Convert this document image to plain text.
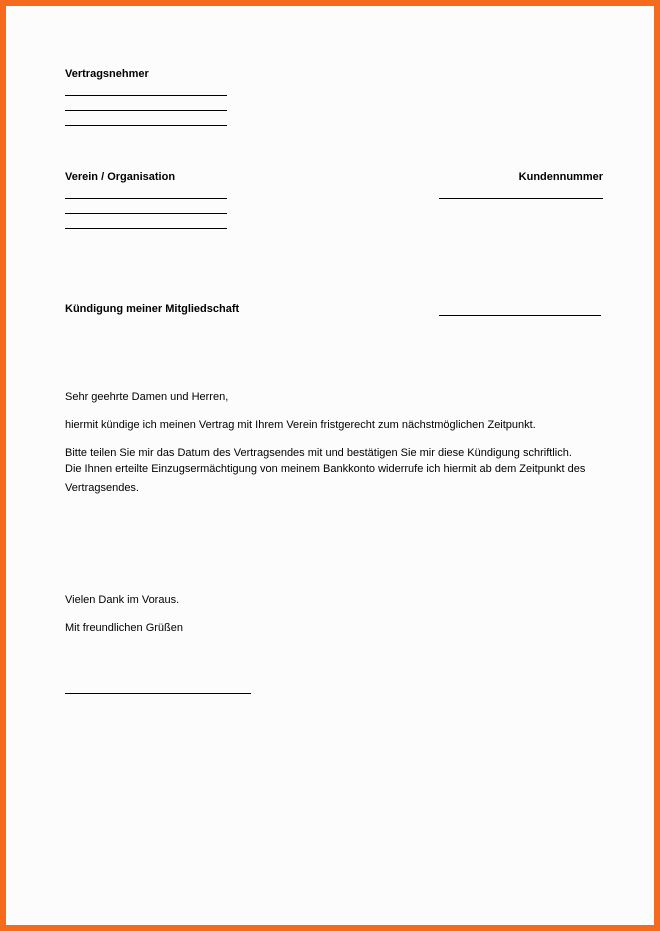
Vertragsnehmer
Verein / Organisation	Kundennummer
Kündigung meiner Mitgliedschaft
Sehr geehrte Damen und Herren,
hiermit kündige ich meinen Vertrag mit Ihrem Verein fristgerecht zum nächstmöglichen Zeitpunkt.
Bitte teilen Sie mir das Datum des Vertragsendes mit und bestätigen Sie mir diese Kündigung schriftlich.
Die Ihnen erteilte Einzugsermächtigung von meinem Bankkonto widerrufe ich hiermit ab dem Zeitpunkt des
Vertragsendes.
Vielen Dank im Voraus.
Mit freundlichen Grüßen
